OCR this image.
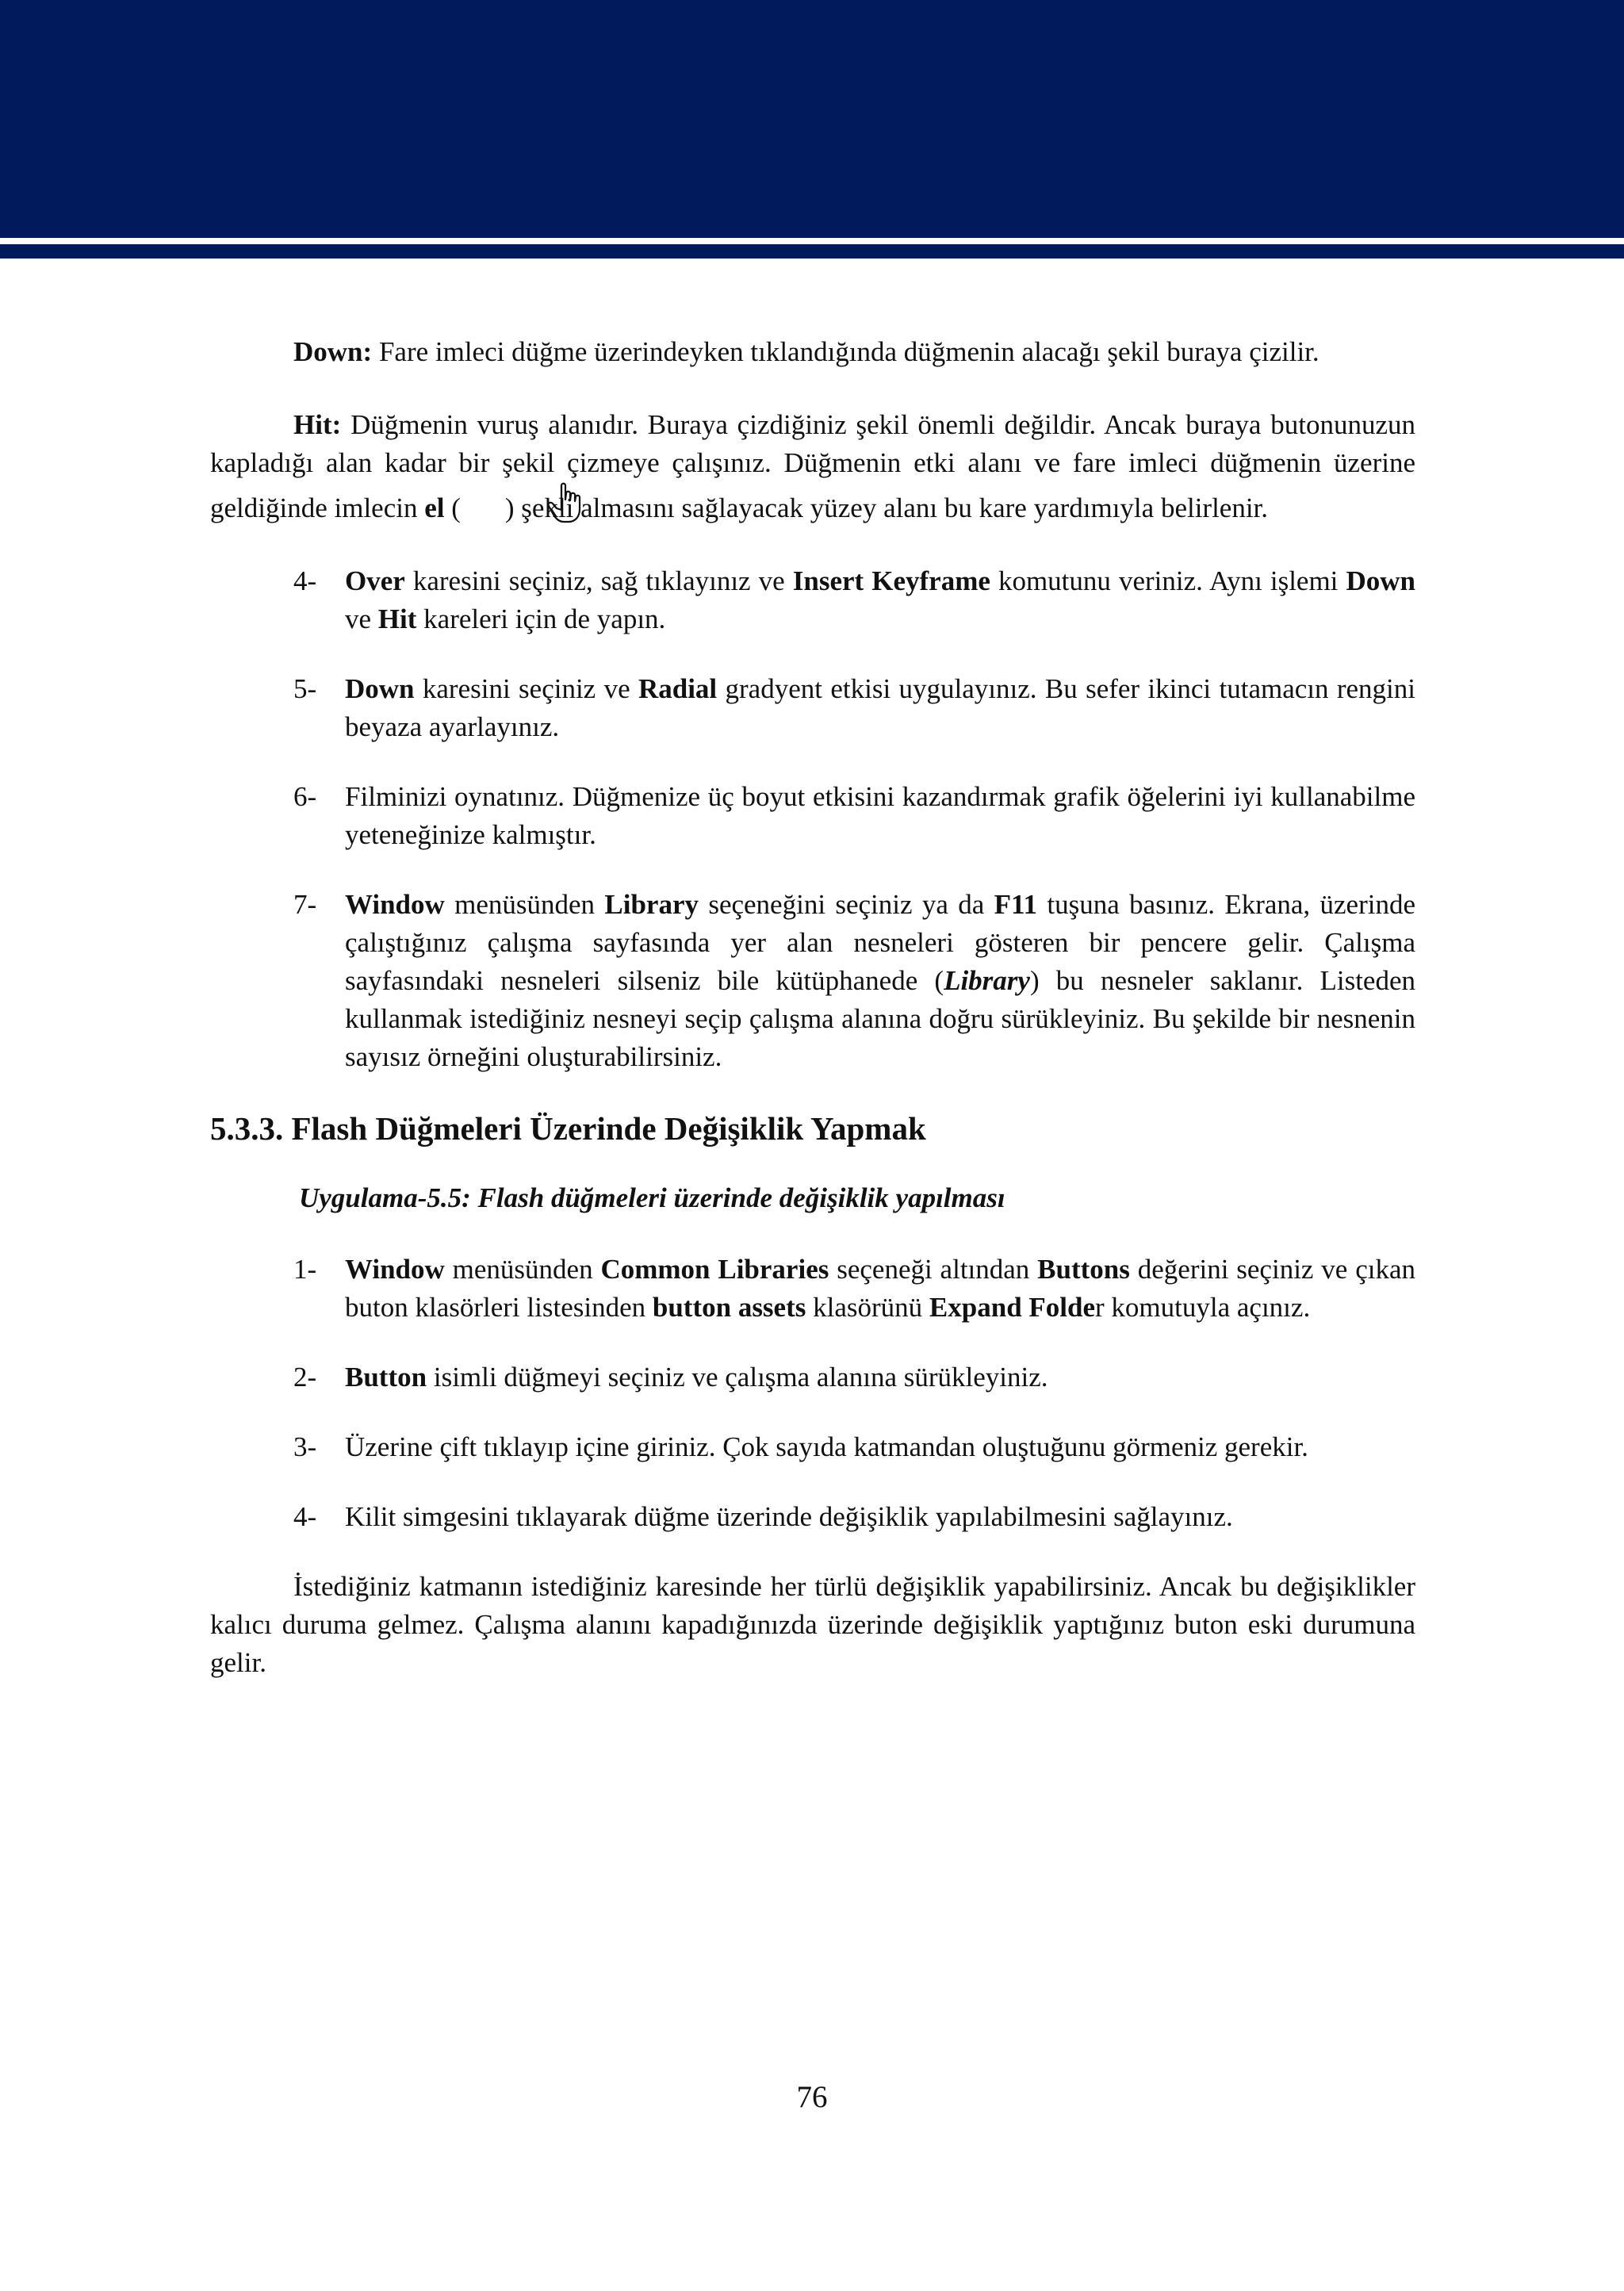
Down: Fare imleci düğme üzerindeyken tıklandığında düğmenin alacağı şekil buraya çizilir.

Hit: Düğmenin vuruş alanıdır. Buraya çizdiğiniz şekil önemli değildir. Ancak buraya butonunuzun kapladığı alan kadar bir şekil çizmeye çalışınız. Düğmenin etki alanı ve fare imleci düğmenin üzerine geldiğinde imlecin el ( ) şekli almasını sağlayacak yüzey alanı bu kare yardımıyla belirlenir.

4- Over karesini seçiniz, sağ tıklayınız ve Insert Keyframe komutunu veriniz. Aynı işlemi Down ve Hit kareleri için de yapın.
5- Down karesini seçiniz ve Radial gradyent etkisi uygulayınız. Bu sefer ikinci tutamacın rengini beyaza ayarlayınız.
6- Filminizi oynatınız. Düğmenize üç boyut etkisini kazandırmak grafik öğelerini iyi kullanabilme yeteneğinize kalmıştır.
7- Window menüsünden Library seçeneğini seçiniz ya da F11 tuşuna basınız. Ekrana, üzerinde çalıştığınız çalışma sayfasında yer alan nesneleri gösteren bir pencere gelir. Çalışma sayfasındaki nesneleri silseniz bile kütüphanede (Library) bu nesneler saklanır. Listeden kullanmak istediğiniz nesneyi seçip çalışma alanına doğru sürükleyiniz. Bu şekilde bir nesnenin sayısız örneğini oluşturabilirsiniz.
5.3.3. Flash Düğmeleri Üzerinde Değişiklik Yapmak

Uygulama-5.5: Flash düğmeleri üzerinde değişiklik yapılması

1- Window menüsünden Common Libraries seçeneği altından Buttons değerini seçiniz ve çıkan buton klasörleri listesinden button assets klasörünü Expand Folder komutuyla açınız.
2- Button isimli düğmeyi seçiniz ve çalışma alanına sürükleyiniz.
3- Üzerine çift tıklayıp içine giriniz. Çok sayıda katmandan oluştuğunu görmeniz gerekir.
4- Kilit simgesini tıklayarak düğme üzerinde değişiklik yapılabilmesini sağlayınız.

İstediğiniz katmanın istediğiniz karesinde her türlü değişiklik yapabilirsiniz. Ancak bu değişiklikler kalıcı duruma gelmez. Çalışma alanını kapadığınızda üzerinde değişiklik yaptığınız buton eski durumuna gelir.

76
